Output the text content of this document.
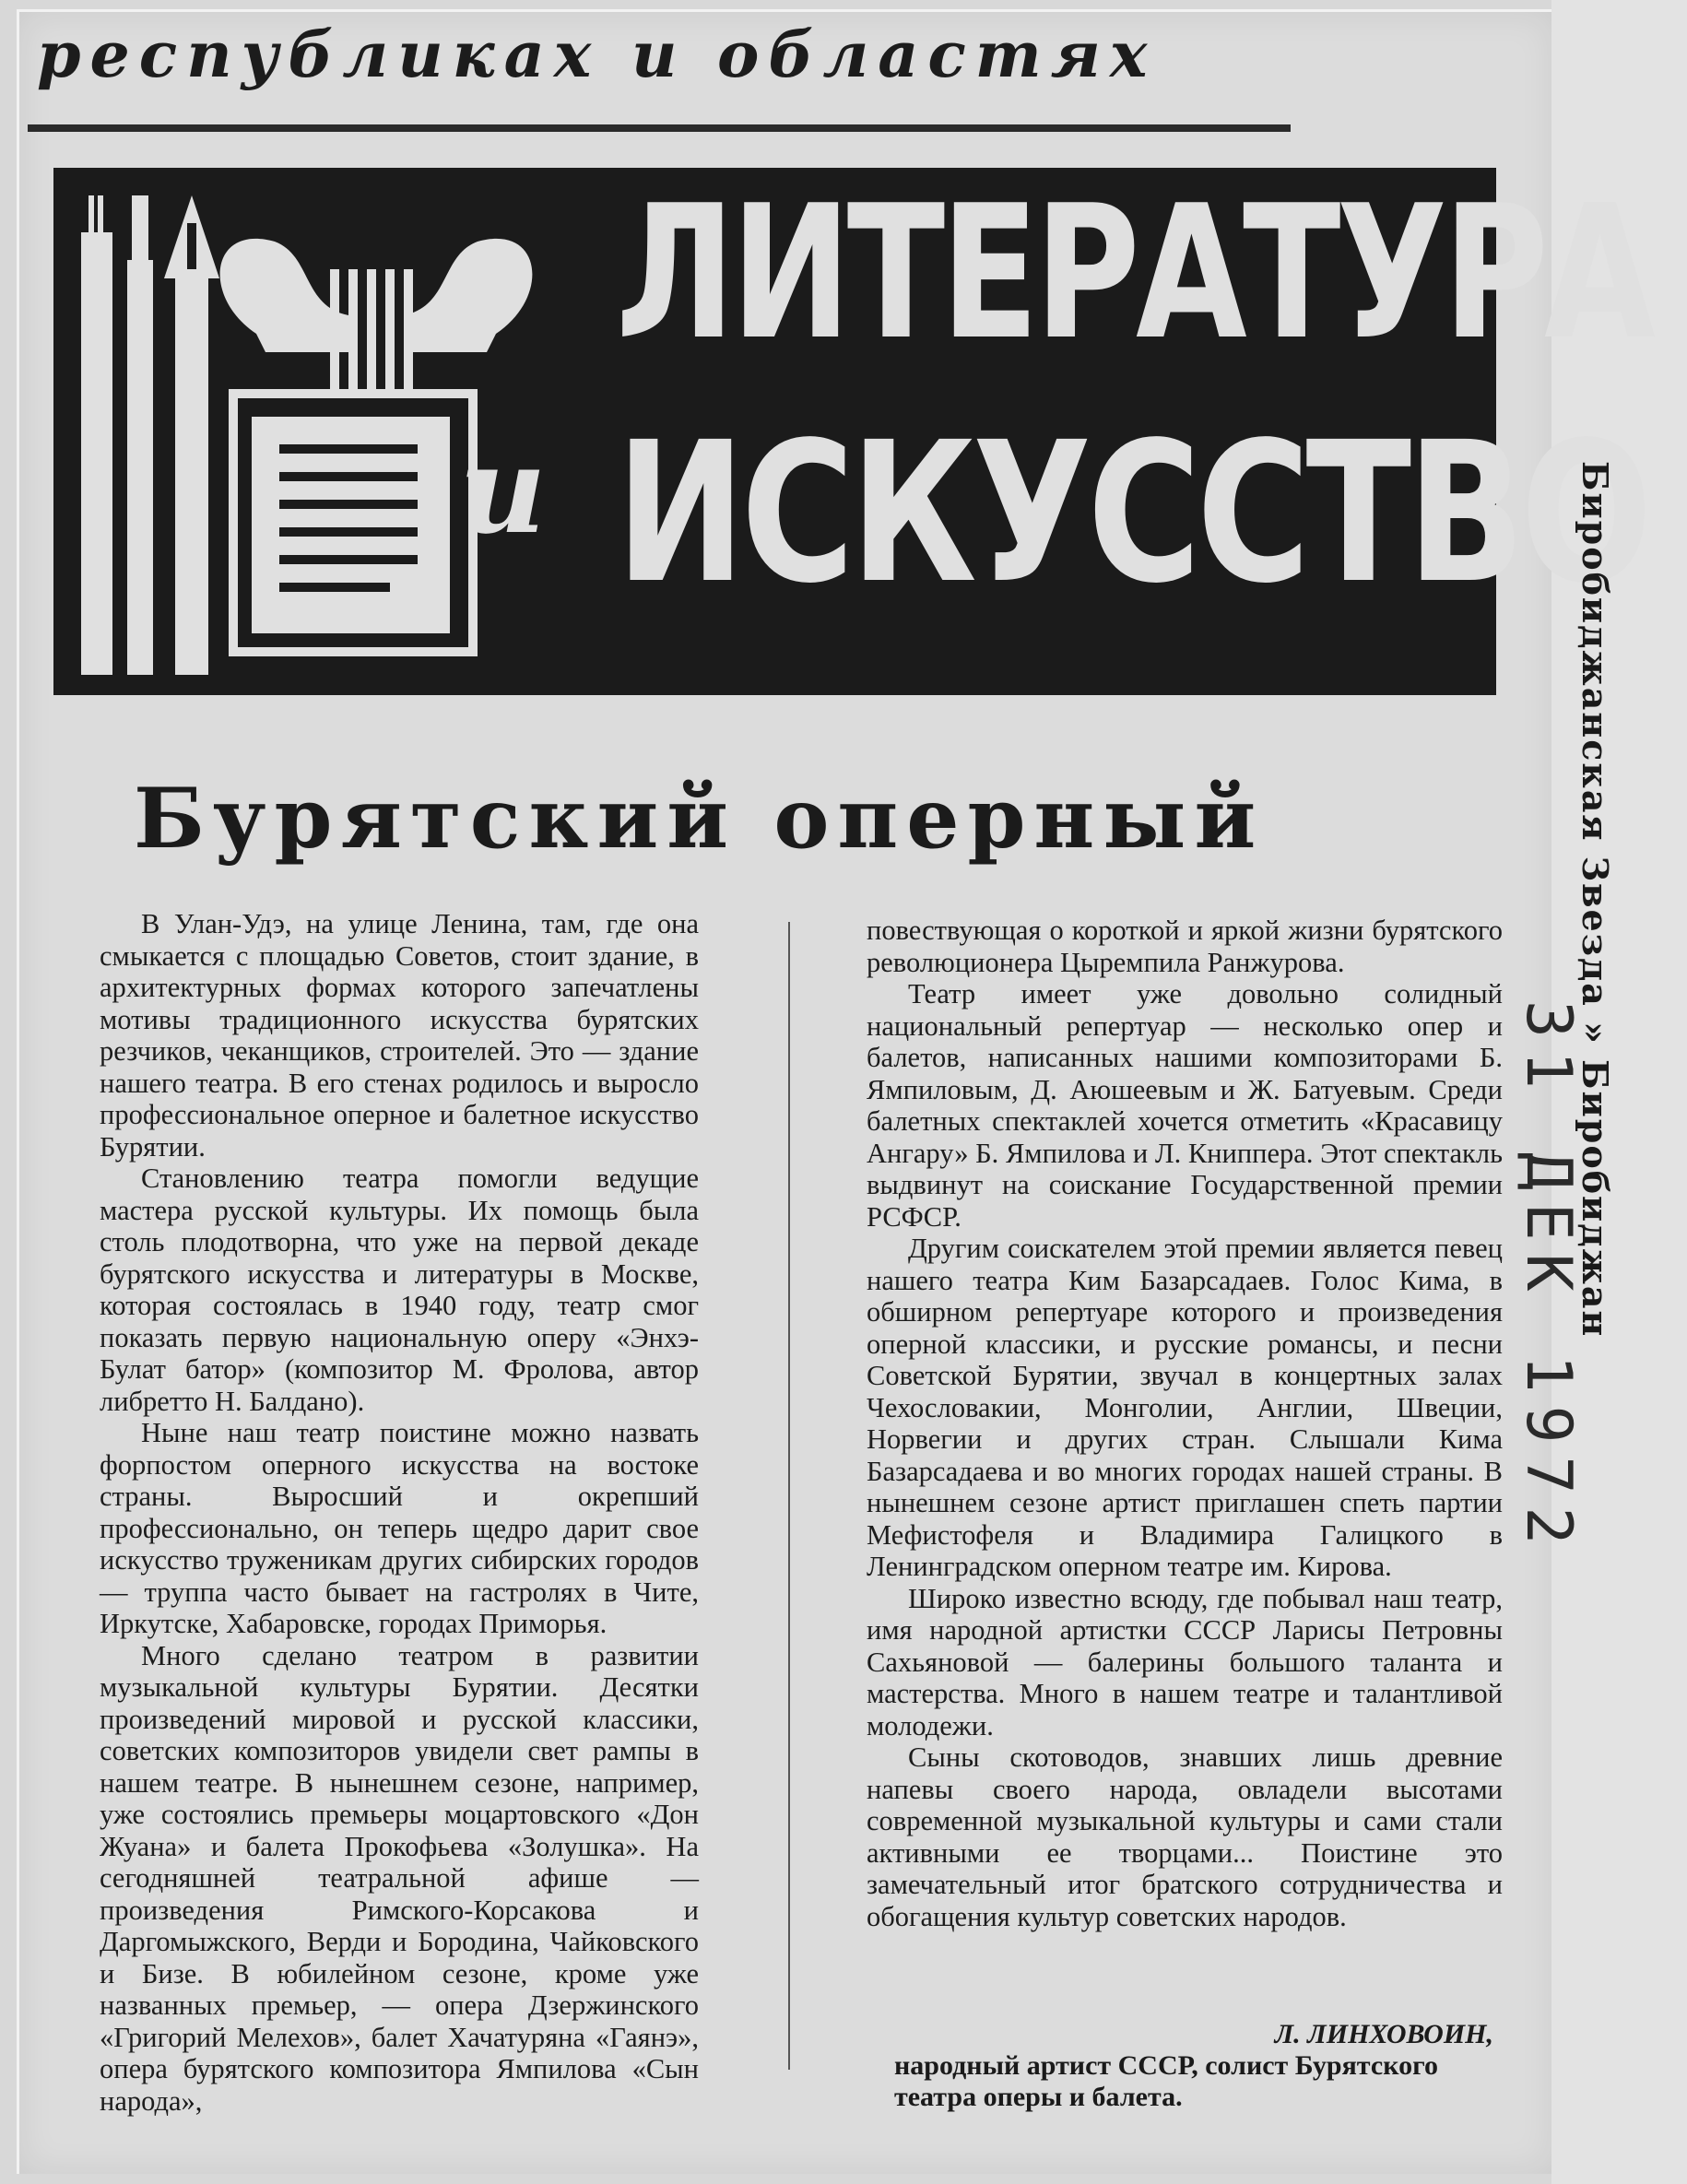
республиках и областях
ЛИТЕРАТУРА
и ИСКУССТВО
Бурятский оперный

В Улан-Удэ, на улице Ленина, там, где она смыкается с площадью Советов, стоит здание, в архитектурных формах которого запечатлены мотивы традиционного искусства бурятских резчиков, чеканщиков, строителей. Это — здание нашего театра. В его стенах родилось и выросло профессиональное оперное и балетное искусство Бурятии.

Становлению театра помогли ведущие мастера русской культуры. Их помощь была столь плодотворна, что уже на первой декаде бурятского искусства и литературы в Москве, которая состоялась в 1940 году, театр смог показать первую национальную оперу «Энхэ-Булат батор» (композитор М. Фролова, автор либретто Н. Балдано).

Ныне наш театр поистине можно назвать форпостом оперного искусства на востоке страны. Выросший и окрепший профессионально, он теперь щедро дарит свое искусство труженикам других сибирских городов — труппа часто бывает на гастролях в Чите, Иркутске, Хабаровске, городах Приморья.

Много сделано театром в развитии музыкальной культуры Бурятии. Десятки произведений мировой и русской классики, советских композиторов увидели свет рампы в нашем театре. В нынешнем сезоне, например, уже состоялись премьеры моцартовского «Дон Жуана» и балета Прокофьева «Золушка». На сегодняшней театральной афише — произведения Римского-Корсакова и Даргомыжского, Верди и Бородина, Чайковского и Бизе. В юбилейном сезоне, кроме уже названных премьер, — опера Дзержинского «Григорий Мелехов», балет Хачатуряна «Гаянэ», опера бурятского композитора Ямпилова «Сын народа»,

повествующая о короткой и яркой жизни бурятского революционера Цыремпила Ранжурова.

Театр имеет уже довольно солидный национальный репертуар — несколько опер и балетов, написанных нашими композиторами Б. Ямпиловым, Д. Аюшеевым и Ж. Батуевым. Среди балетных спектаклей хочется отметить «Красавицу Ангару» Б. Ямпилова и Л. Книппера. Этот спектакль выдвинут на соискание Государственной премии РСФСР.

Другим соискателем этой премии является певец нашего театра Ким Базарсадаев. Голос Кима, в обширном репертуаре которого и произведения оперной классики, и русские романсы, и песни Советской Бурятии, звучал в концертных залах Чехословакии, Монголии, Англии, Швеции, Норвегии и других стран. Слышали Кима Базарсадаева и во многих городах нашей страны. В нынешнем сезоне артист приглашен спеть партии Мефистофеля и Владимира Галицкого в Ленинградском оперном театре им. Кирова.

Широко известно всюду, где побывал наш театр, имя народной артистки СССР Ларисы Петровны Сахьяновой — балерины большого таланта и мастерства. Много в нашем театре и талантливой молодежи.

Сыны скотоводов, знавших лишь древние напевы своего народа, овладели высотами современной музыкальной культуры и сами стали активными ее творцами... Поистине это замечательный итог братского сотрудничества и обогащения культур советских народов.

Л. ЛИНХОВОИН,
народный артист СССР, солист Бурятского театра оперы и балета.
Биробиджанская Звезда » Биробиджан
31 ДЕК 1972
